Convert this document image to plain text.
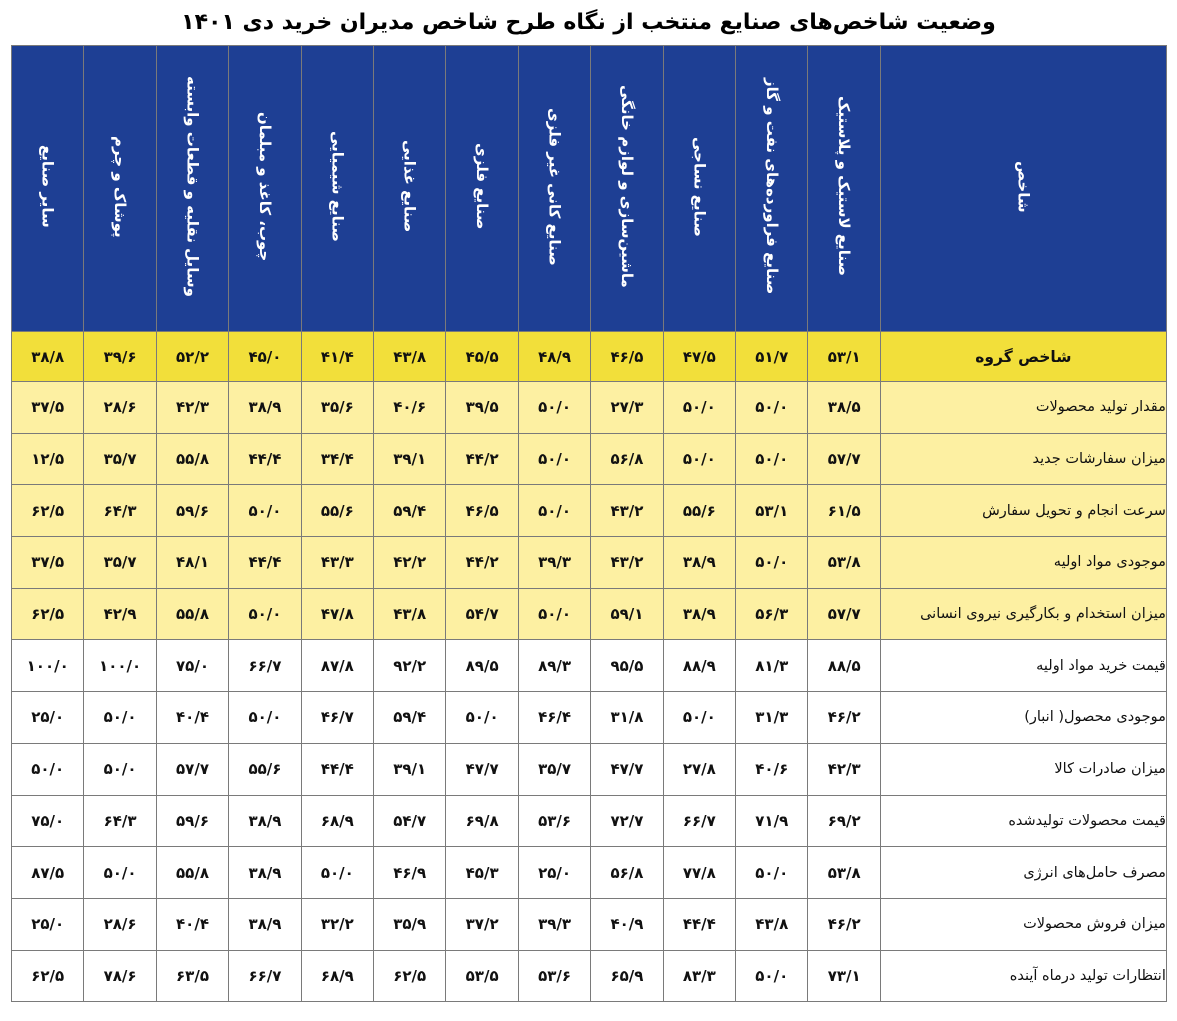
وضعیت شاخص‌های صنایع منتخب از نگاه طرح شاخص مدیران خرید دی ۱۴۰۱
شاخص	صنایع لاستیک و پلاستیک	صنایع فراورده‌های نفت و گاز	صنایع نساجی	ماشین‌سازی و لوازم خانگی	صنایع کانی غیر فلزی	صنایع فلزی	صنایع غذایی	صنایع شیمیایی	چوب، کاغذ و مبلمان	وسایل نقلیه و قطعات وابسته	پوشاک و چرم	سایر صنایع
شاخص گروه	۵۳/۱	۵۱/۷	۴۷/۵	۴۶/۵	۴۸/۹	۴۵/۵	۴۳/۸	۴۱/۴	۴۵/۰	۵۲/۲	۳۹/۶	۳۸/۸
مقدار تولید محصولات	۳۸/۵	۵۰/۰	۵۰/۰	۲۷/۳	۵۰/۰	۳۹/۵	۴۰/۶	۳۵/۶	۳۸/۹	۴۲/۳	۲۸/۶	۳۷/۵
میزان سفارشات جدید	۵۷/۷	۵۰/۰	۵۰/۰	۵۶/۸	۵۰/۰	۴۴/۲	۳۹/۱	۳۴/۴	۴۴/۴	۵۵/۸	۳۵/۷	۱۲/۵
سرعت انجام و تحویل سفارش	۶۱/۵	۵۳/۱	۵۵/۶	۴۳/۲	۵۰/۰	۴۶/۵	۵۹/۴	۵۵/۶	۵۰/۰	۵۹/۶	۶۴/۳	۶۲/۵
موجودی مواد اولیه	۵۳/۸	۵۰/۰	۳۸/۹	۴۳/۲	۳۹/۳	۴۴/۲	۴۲/۲	۴۳/۳	۴۴/۴	۴۸/۱	۳۵/۷	۳۷/۵
میزان استخدام و بکارگیری نیروی انسانی	۵۷/۷	۵۶/۳	۳۸/۹	۵۹/۱	۵۰/۰	۵۴/۷	۴۳/۸	۴۷/۸	۵۰/۰	۵۵/۸	۴۲/۹	۶۲/۵
قیمت خرید مواد اولیه	۸۸/۵	۸۱/۳	۸۸/۹	۹۵/۵	۸۹/۳	۸۹/۵	۹۲/۲	۸۷/۸	۶۶/۷	۷۵/۰	۱۰۰/۰	۱۰۰/۰
موجودی محصول( انبار)	۴۶/۲	۳۱/۳	۵۰/۰	۳۱/۸	۴۶/۴	۵۰/۰	۵۹/۴	۴۶/۷	۵۰/۰	۴۰/۴	۵۰/۰	۲۵/۰
میزان صادرات کالا	۴۲/۳	۴۰/۶	۲۷/۸	۴۷/۷	۳۵/۷	۴۷/۷	۳۹/۱	۴۴/۴	۵۵/۶	۵۷/۷	۵۰/۰	۵۰/۰
قیمت محصولات تولیدشده	۶۹/۲	۷۱/۹	۶۶/۷	۷۲/۷	۵۳/۶	۶۹/۸	۵۴/۷	۶۸/۹	۳۸/۹	۵۹/۶	۶۴/۳	۷۵/۰
مصرف حامل‌های انرژی	۵۳/۸	۵۰/۰	۷۷/۸	۵۶/۸	۲۵/۰	۴۵/۳	۴۶/۹	۵۰/۰	۳۸/۹	۵۵/۸	۵۰/۰	۸۷/۵
میزان فروش محصولات	۴۶/۲	۴۳/۸	۴۴/۴	۴۰/۹	۳۹/۳	۳۷/۲	۳۵/۹	۳۲/۲	۳۸/۹	۴۰/۴	۲۸/۶	۲۵/۰
انتظارات تولید درماه آینده	۷۳/۱	۵۰/۰	۸۳/۳	۶۵/۹	۵۳/۶	۵۳/۵	۶۲/۵	۶۸/۹	۶۶/۷	۶۳/۵	۷۸/۶	۶۲/۵
